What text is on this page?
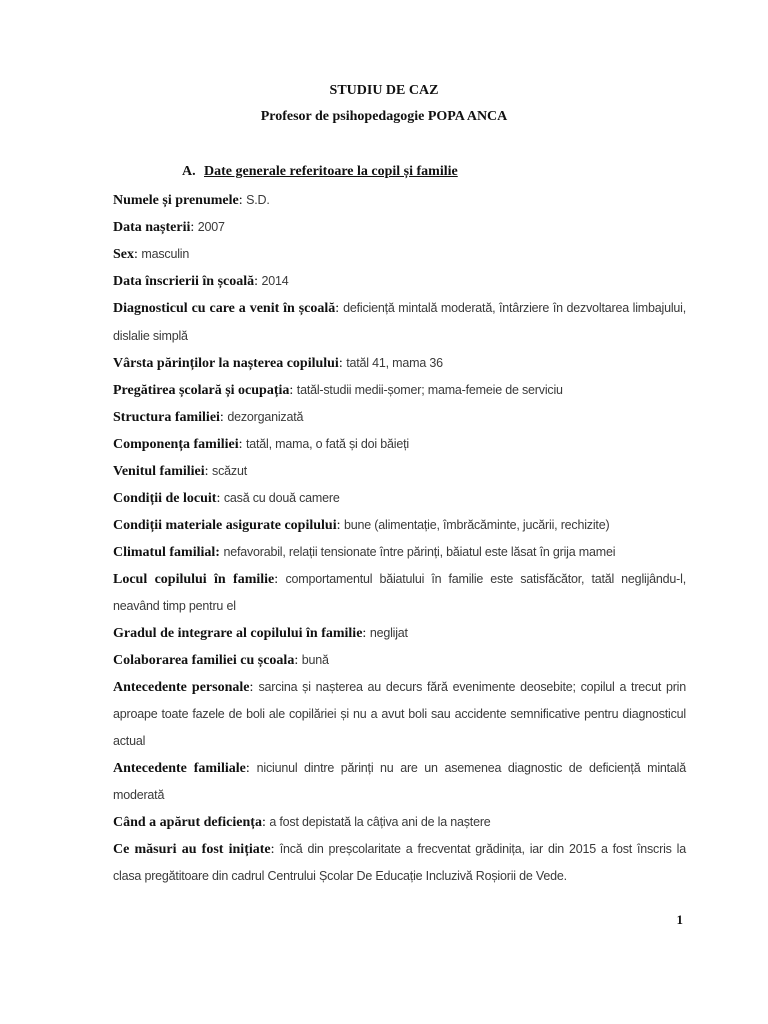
STUDIU DE CAZ
Profesor de psihopedagogie POPA ANCA
A. Date generale referitoare la copil și familie

Numele și prenumele: S.D.

Data nașterii: 2007

Sex: masculin

Data înscrierii în școală: 2014

Diagnosticul cu care a venit în școală: deficiență mintală moderată, întârziere în dezvoltarea limbajului, dislalie simplă

Vârsta părinților la nașterea copilului: tatăl 41, mama 36

Pregătirea școlară și ocupația: tatăl-studii medii-șomer; mama-femeie de serviciu

Structura familiei: dezorganizată

Componența familiei: tatăl, mama, o fată și doi băieți

Venitul familiei: scăzut

Condiții de locuit: casă cu două camere

Condiții materiale asigurate copilului: bune (alimentație, îmbrăcăminte, jucării, rechizite)

Climatul familial: nefavorabil, relații tensionate între părinți, băiatul este lăsat în grija mamei

Locul copilului în familie: comportamentul băiatului în familie este satisfăcător, tatăl neglijându-l, neavând timp pentru el

Gradul de integrare al copilului în familie: neglijat

Colaborarea familiei cu școala: bună

Antecedente personale: sarcina și nașterea au decurs fără evenimente deosebite; copilul a trecut prin aproape toate fazele de boli ale copilăriei și nu a avut boli sau accidente semnificative pentru diagnosticul actual

Antecedente familiale: niciunul dintre părinți nu are un asemenea diagnostic de deficiență mintală moderată

Când a apărut deficiența: a fost depistată la câțiva ani de la naștere

Ce măsuri au fost inițiate: încă din preșcolaritate a frecventat grădinița, iar din 2015 a fost înscris la clasa pregătitoare din cadrul Centrului Școlar De Educație Incluzivă Roșiorii de Vede.

1
